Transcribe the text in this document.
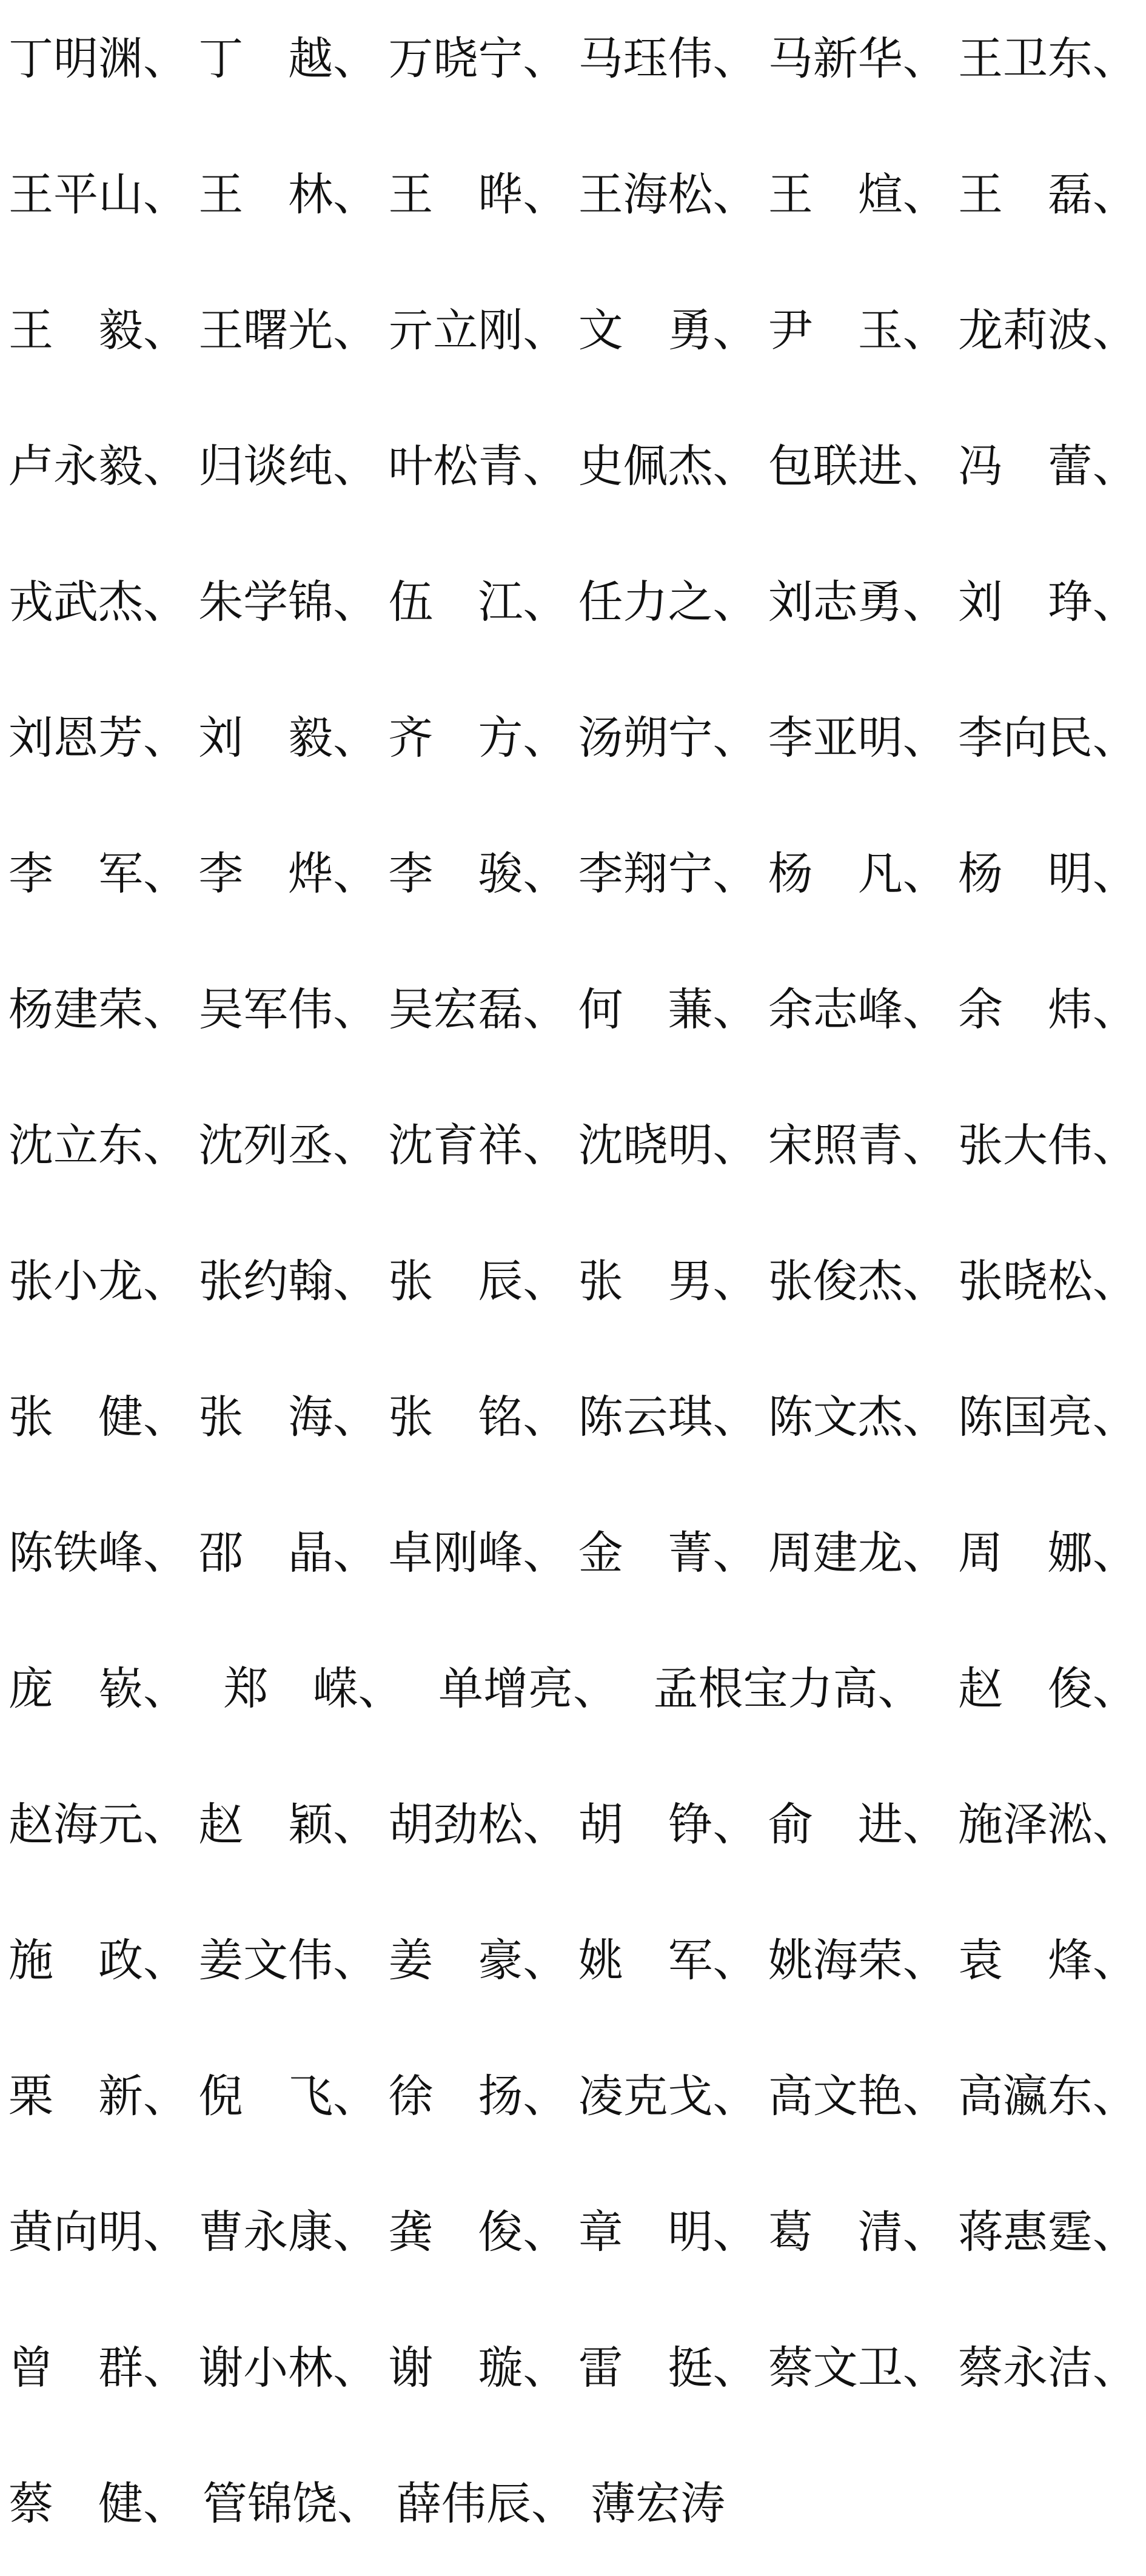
丁明渊、 丁　越、 万晓宁、 马珏伟、 马新华、 王卫东、
王平山、 王　林、 王　晔、 王海松、 王　煊、 王　磊、
王　毅、 王曙光、 亓立刚、 文　勇、 尹　玉、 龙莉波、
卢永毅、 归谈纯、 叶松青、 史佩杰、 包联进、 冯　蕾、
戎武杰、 朱学锦、 伍　江、 任力之、 刘志勇、 刘　琤、
刘恩芳、 刘　毅、 齐　方、 汤朔宁、 李亚明、 李向民、
李　军、 李　烨、 李　骏、 李翔宁、 杨　凡、 杨　明、
杨建荣、 吴军伟、 吴宏磊、 何　蒹、 余志峰、 余　炜、
沈立东、 沈列丞、 沈育祥、 沈晓明、 宋照青、 张大伟、
张小龙、 张约翰、 张　辰、 张　男、 张俊杰、 张晓松、
张　健、 张　海、 张　铭、 陈云琪、 陈文杰、 陈国亮、
陈铁峰、 邵　晶、 卓刚峰、 金　菁、 周建龙、 周　娜、
庞　嵚、 郑　嵘、 单增亮、 孟根宝力高、 赵　俊、
赵海元、 赵　颖、 胡劲松、 胡　铮、 俞　进、 施泽淞、
施　政、 姜文伟、 姜　豪、 姚　军、 姚海荣、 袁　烽、
栗　新、 倪　飞、 徐　扬、 凌克戈、 高文艳、 高瀛东、
黄向明、 曹永康、 龚　俊、 章　明、 葛　清、 蒋惠霆、
曾　群、 谢小林、 谢　璇、 雷　挺、 蔡文卫、 蔡永洁、
蔡　健、 管锦饶、 薛伟辰、 薄宏涛
